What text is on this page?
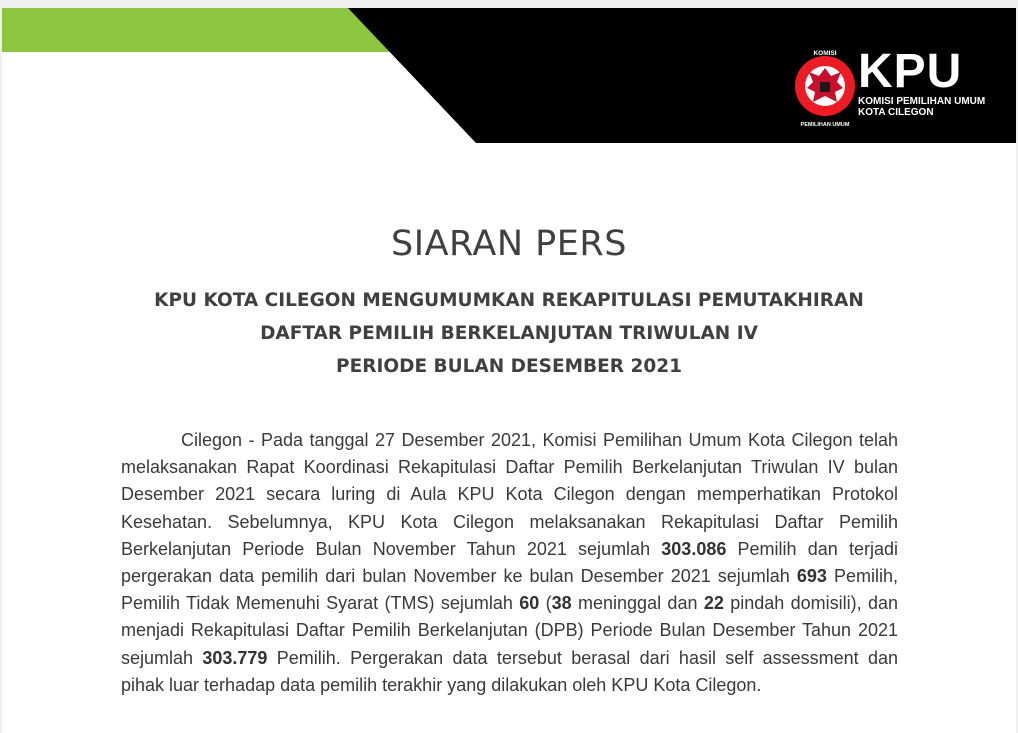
KOMISI
PEMILIHAN UMUM
KPU
KOMISI PEMILIHAN UMUM
KOTA CILEGON
SIARAN PERS
KPU KOTA CILEGON MENGUMUMKAN REKAPITULASI PEMUTAKHIRAN
DAFTAR PEMILIH BERKELANJUTAN TRIWULAN IV
PERIODE BULAN DESEMBER 2021

Cilegon - Pada tanggal 27 Desember 2021, Komisi Pemilihan Umum Kota Cilegon telah melaksanakan Rapat Koordinasi Rekapitulasi Daftar Pemilih Berkelanjutan Triwulan IV bulan Desember 2021 secara luring di Aula KPU Kota Cilegon dengan memperhatikan Protokol Kesehatan. Sebelumnya, KPU Kota Cilegon melaksanakan Rekapitulasi Daftar Pemilih Berkelanjutan Periode Bulan November Tahun 2021 sejumlah 303.086 Pemilih dan terjadi pergerakan data pemilih dari bulan November ke bulan Desember 2021 sejumlah 693 Pemilih, Pemilih Tidak Memenuhi Syarat (TMS) sejumlah 60 (38 meninggal dan 22 pindah domisili), dan menjadi Rekapitulasi Daftar Pemilih Berkelanjutan (DPB) Periode Bulan Desember Tahun 2021 sejumlah 303.779 Pemilih. Pergerakan data tersebut berasal dari hasil self assessment dan pihak luar terhadap data pemilih terakhir yang dilakukan oleh KPU Kota Cilegon.
